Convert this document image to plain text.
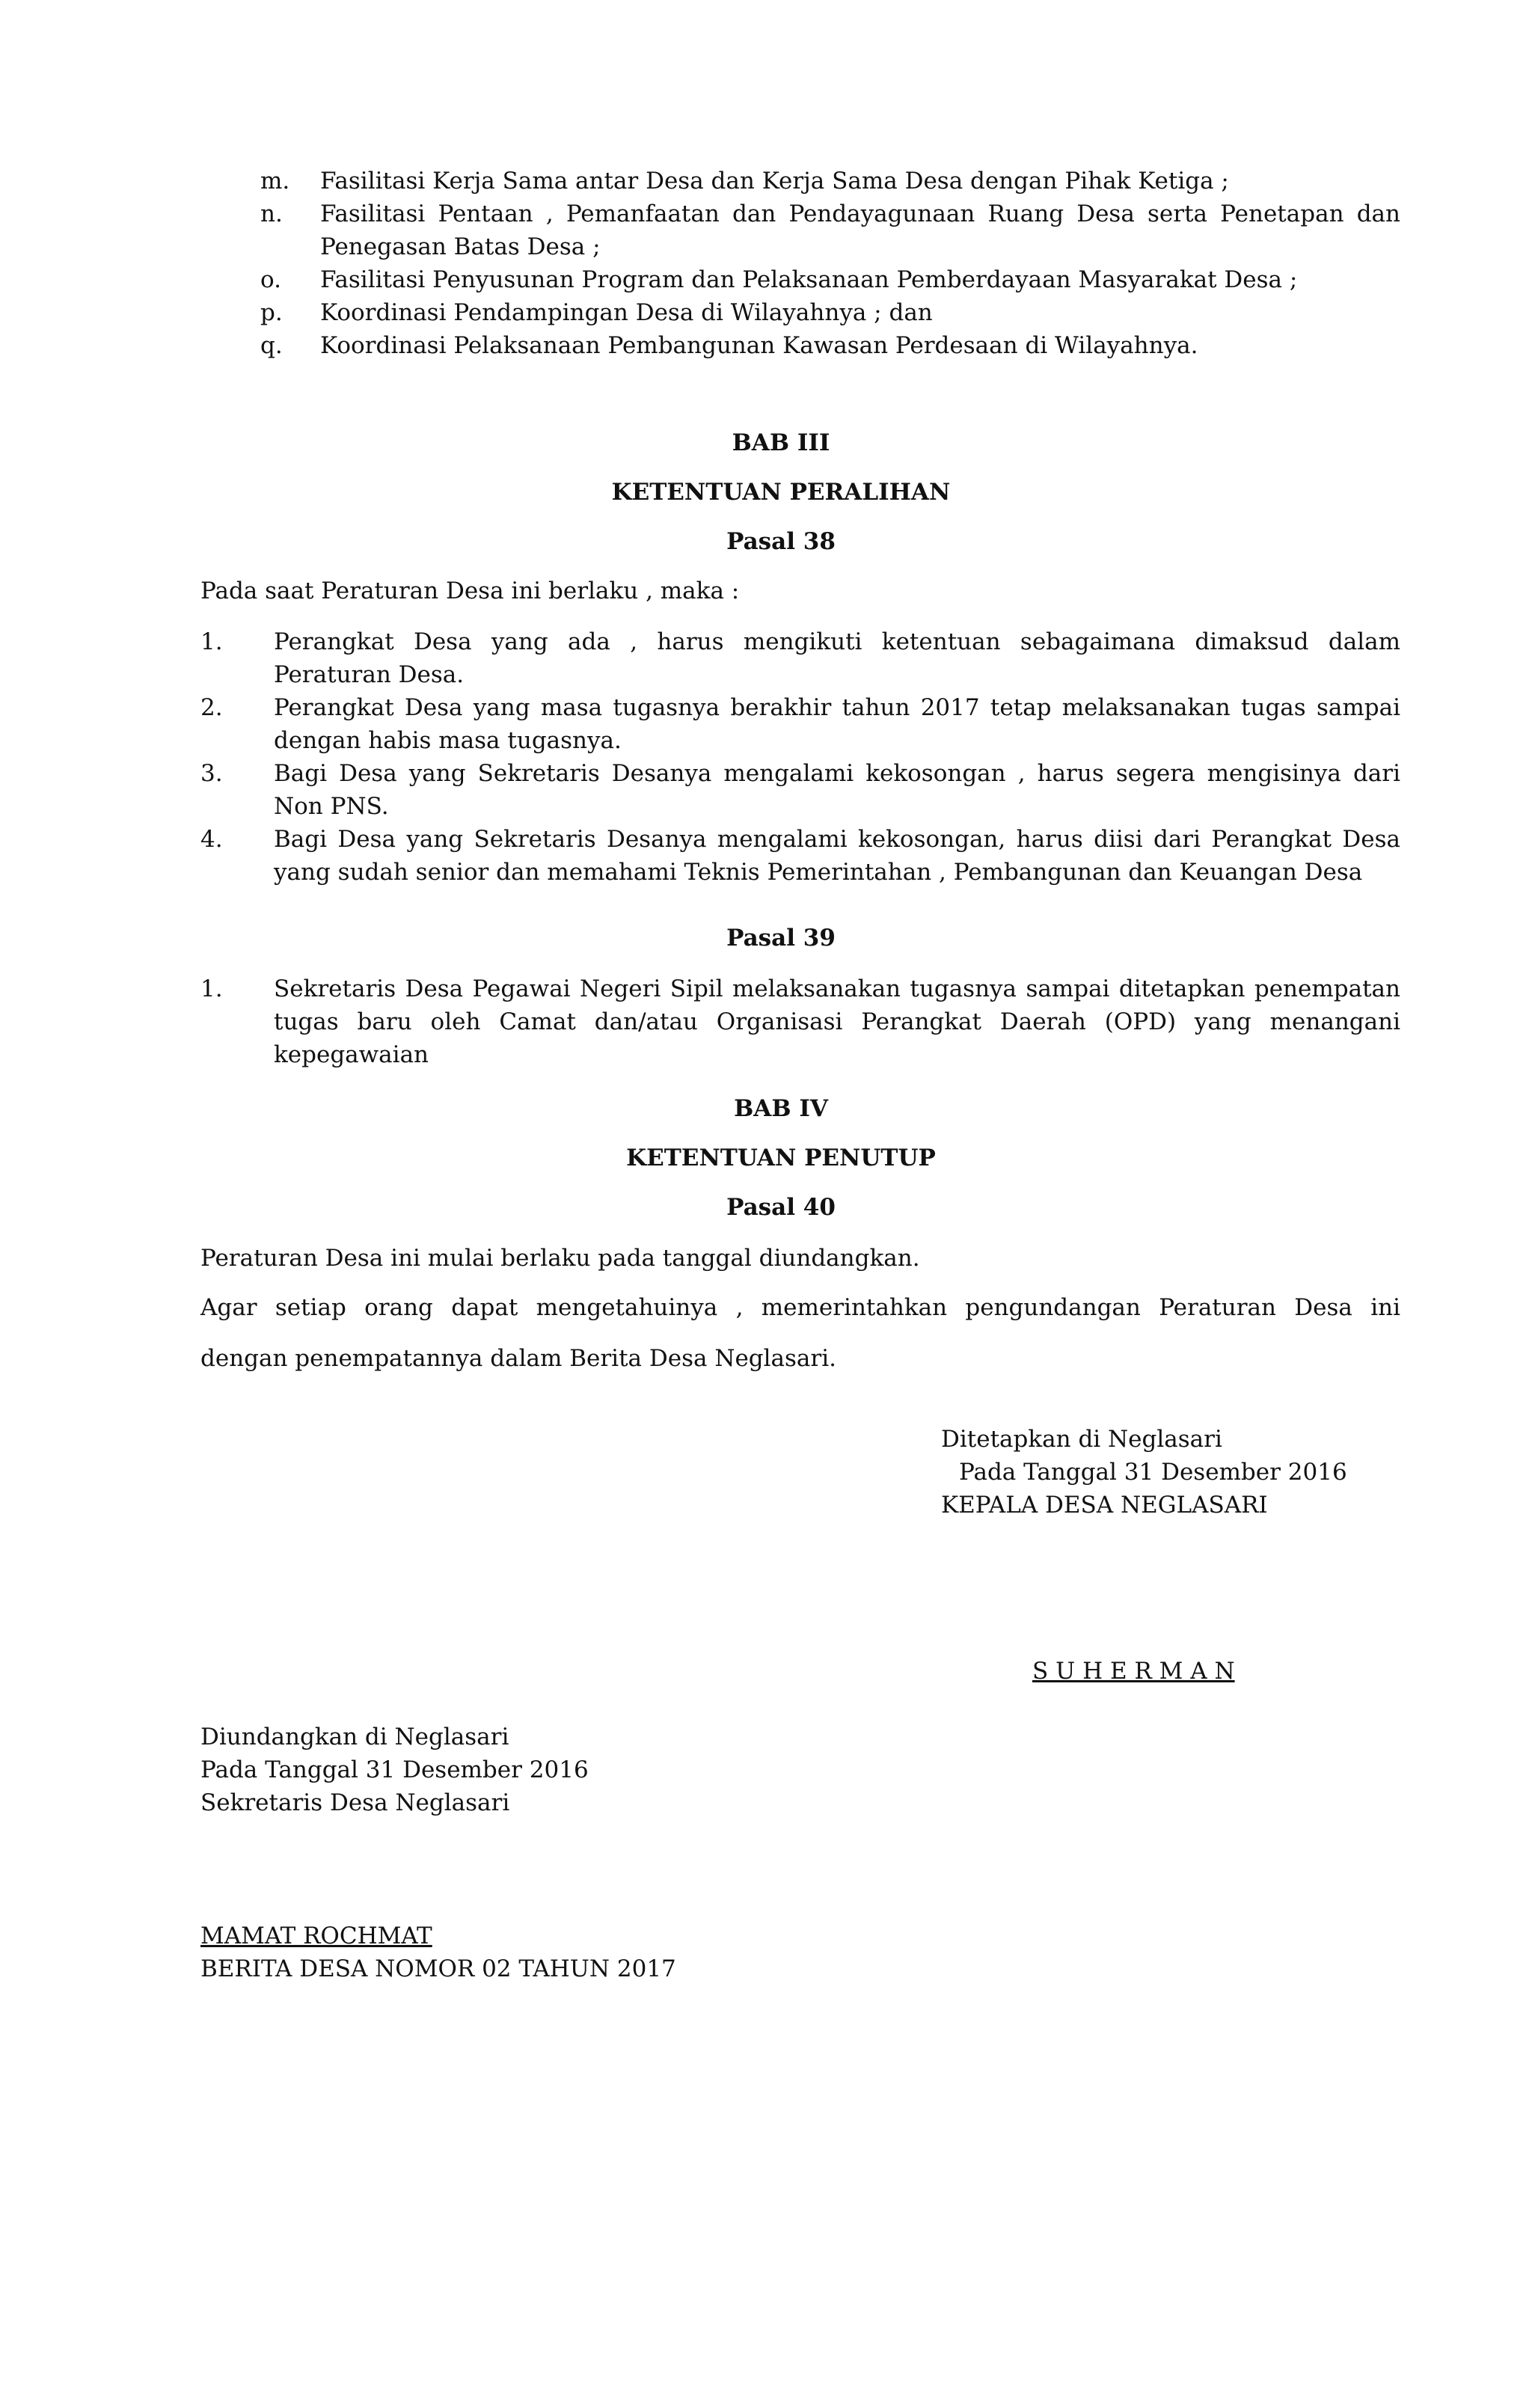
m. Fasilitasi Kerja Sama antar Desa dan Kerja Sama Desa dengan Pihak Ketiga ;
n. Fasilitasi Pentaan , Pemanfaatan dan Pendayagunaan Ruang Desa serta Penetapan dan Penegasan Batas Desa ;
o. Fasilitasi Penyusunan Program dan Pelaksanaan Pemberdayaan Masyarakat Desa ;
p. Koordinasi Pendampingan Desa di Wilayahnya ; dan
q. Koordinasi Pelaksanaan Pembangunan Kawasan Perdesaan di Wilayahnya.
BAB III
KETENTUAN PERALIHAN
Pasal 38
Pada saat Peraturan Desa ini berlaku , maka :
1. Perangkat Desa yang ada , harus mengikuti ketentuan sebagaimana dimaksud dalam Peraturan Desa.
2. Perangkat Desa yang masa tugasnya berakhir tahun 2017 tetap melaksanakan tugas sampai dengan habis masa tugasnya.
3. Bagi Desa yang Sekretaris Desanya mengalami kekosongan , harus segera mengisinya dari Non PNS.
4. Bagi Desa yang Sekretaris Desanya mengalami kekosongan, harus diisi dari Perangkat Desa yang sudah senior dan memahami Teknis Pemerintahan , Pembangunan dan Keuangan Desa
Pasal 39
1. Sekretaris Desa Pegawai Negeri Sipil melaksanakan tugasnya sampai ditetapkan penempatan tugas baru oleh Camat dan/atau Organisasi Perangkat Daerah (OPD) yang menangani kepegawaian
BAB IV
KETENTUAN PENUTUP
Pasal 40
Peraturan Desa ini mulai berlaku pada tanggal diundangkan.
Agar setiap orang dapat mengetahuinya , memerintahkan pengundangan Peraturan Desa ini
dengan penempatannya dalam Berita Desa Neglasari.
Ditetapkan di Neglasari
Pada Tanggal 31 Desember 2016
KEPALA DESA NEGLASARI
S U H E R M A N
Diundangkan di Neglasari
Pada Tanggal 31 Desember 2016
Sekretaris Desa Neglasari
MAMAT ROCHMAT
BERITA DESA NOMOR 02 TAHUN 2017
